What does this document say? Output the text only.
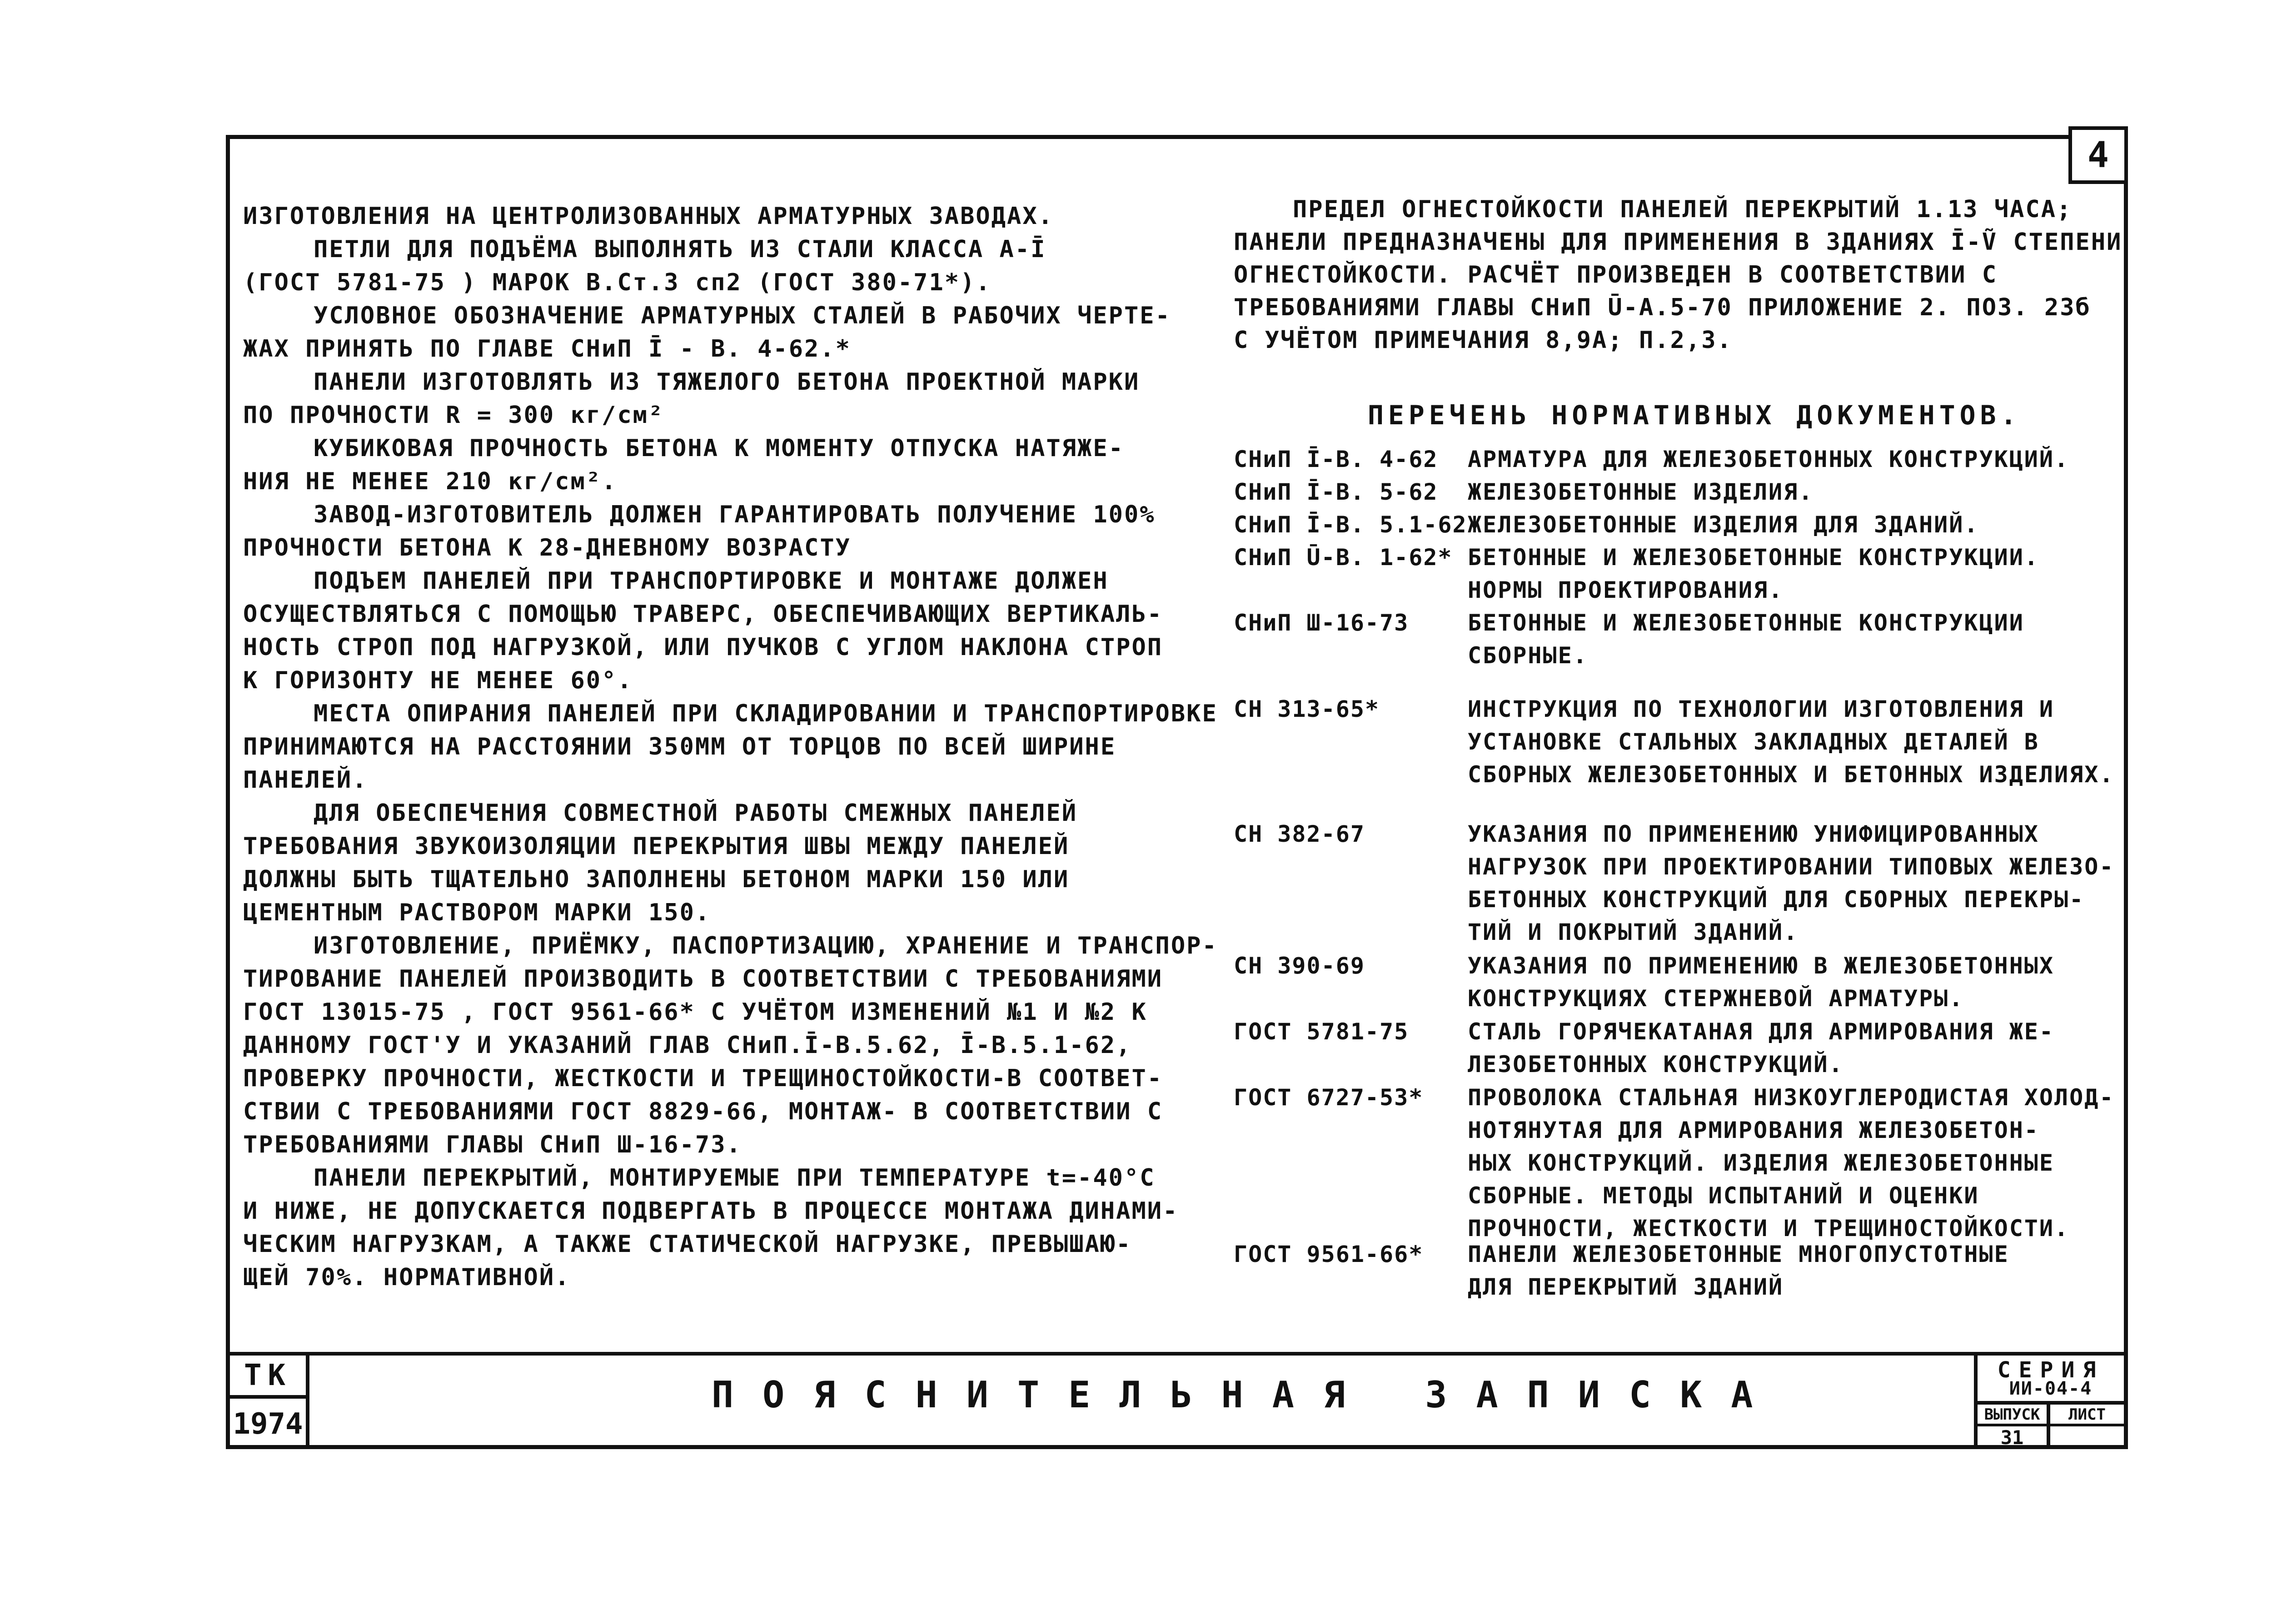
4
ИЗГОТОВЛЕНИЯ НА ЦЕНТРОЛИЗОВАННЫХ АРМАТУРНЫХ ЗАВОДАХ.
ПЕТЛИ ДЛЯ ПОДЪЁМА ВЫПОЛНЯТЬ ИЗ СТАЛИ КЛАССА А-Ī
(ГОСТ 5781-75 ) МАРОК В.Ст.3 сп2 (ГОСТ 380-71*).
УСЛОВНОЕ ОБОЗНАЧЕНИЕ АРМАТУРНЫХ СТАЛЕЙ В РАБОЧИХ ЧЕРТЕ-
ЖАХ ПРИНЯТЬ ПО ГЛАВЕ СНиП Ī - В. 4-62.*
ПАНЕЛИ ИЗГОТОВЛЯТЬ ИЗ ТЯЖЕЛОГО БЕТОНА ПРОЕКТНОЙ МАРКИ
ПО ПРОЧНОСТИ R = 300 кг/см²
КУБИКОВАЯ ПРОЧНОСТЬ БЕТОНА К МОМЕНТУ ОТПУСКА НАТЯЖЕ-
НИЯ НЕ МЕНЕЕ 210 кг/см².
ЗАВОД-ИЗГОТОВИТЕЛЬ ДОЛЖЕН ГАРАНТИРОВАТЬ ПОЛУЧЕНИЕ 100%
ПРОЧНОСТИ БЕТОНА К 28-ДНЕВНОМУ ВОЗРАСТУ
ПОДЪЕМ ПАНЕЛЕЙ ПРИ ТРАНСПОРТИРОВКЕ И МОНТАЖЕ ДОЛЖЕН
ОСУЩЕСТВЛЯТЬСЯ С ПОМОЩЬЮ ТРАВЕРС, ОБЕСПЕЧИВАЮЩИХ ВЕРТИКАЛЬ-
НОСТЬ СТРОП ПОД НАГРУЗКОЙ, ИЛИ ПУЧКОВ С УГЛОМ НАКЛОНА СТРОП
К ГОРИЗОНТУ НЕ МЕНЕЕ 60°.
МЕСТА ОПИРАНИЯ ПАНЕЛЕЙ ПРИ СКЛАДИРОВАНИИ И ТРАНСПОРТИРОВКЕ
ПРИНИМАЮТСЯ НА РАССТОЯНИИ 350ММ ОТ ТОРЦОВ ПО ВСЕЙ ШИРИНЕ
ПАНЕЛЕЙ.
ДЛЯ ОБЕСПЕЧЕНИЯ СОВМЕСТНОЙ РАБОТЫ СМЕЖНЫХ ПАНЕЛЕЙ
ТРЕБОВАНИЯ ЗВУКОИЗОЛЯЦИИ ПЕРЕКРЫТИЯ ШВЫ МЕЖДУ ПАНЕЛЕЙ
ДОЛЖНЫ БЫТЬ ТЩАТЕЛЬНО ЗАПОЛНЕНЫ БЕТОНОМ МАРКИ 150 ИЛИ
ЦЕМЕНТНЫМ РАСТВОРОМ МАРКИ 150.
ИЗГОТОВЛЕНИЕ, ПРИЁМКУ, ПАСПОРТИЗАЦИЮ, ХРАНЕНИЕ И ТРАНСПОР-
ТИРОВАНИЕ ПАНЕЛЕЙ ПРОИЗВОДИТЬ В СООТВЕТСТВИИ С ТРЕБОВАНИЯМИ
ГОСТ 13015-75 , ГОСТ 9561-66* С УЧЁТОМ ИЗМЕНЕНИЙ №1 И №2 К
ДАННОМУ ГОСТ'У И УКАЗАНИЙ ГЛАВ СНиП.Ī-В.5.62, Ī-В.5.1-62,
ПРОВЕРКУ ПРОЧНОСТИ, ЖЕСТКОСТИ И ТРЕЩИНОСТОЙКОСТИ-В СООТВЕТ-
СТВИИ С ТРЕБОВАНИЯМИ ГОСТ 8829-66, МОНТАЖ- В СООТВЕТСТВИИ С
ТРЕБОВАНИЯМИ ГЛАВЫ СНиП Ш-16-73.
ПАНЕЛИ ПЕРЕКРЫТИЙ, МОНТИРУЕМЫЕ ПРИ ТЕМПЕРАТУРЕ t=-40°С
И НИЖЕ, НЕ ДОПУСКАЕТСЯ ПОДВЕРГАТЬ В ПРОЦЕССЕ МОНТАЖА ДИНАМИ-
ЧЕСКИМ НАГРУЗКАМ, А ТАКЖЕ СТАТИЧЕСКОЙ НАГРУЗКЕ, ПРЕВЫШАЮ-
ЩЕЙ 70%. НОРМАТИВНОЙ.
ПРЕДЕЛ ОГНЕСТОЙКОСТИ ПАНЕЛЕЙ ПЕРЕКРЫТИЙ 1.13 ЧАСА;
ПАНЕЛИ ПРЕДНАЗНАЧЕНЫ ДЛЯ ПРИМЕНЕНИЯ В ЗДАНИЯХ Ī-Ṽ СТЕПЕНИ
ОГНЕСТОЙКОСТИ. РАСЧЁТ ПРОИЗВЕДЕН В СООТВЕТСТВИИ С
ТРЕБОВАНИЯМИ ГЛАВЫ СНиП Ū-А.5-70 ПРИЛОЖЕНИЕ 2. ПОЗ. 23б
С УЧЁТОМ ПРИМЕЧАНИЯ 8,9А; П.2,3.
ПЕРЕЧЕНЬ НОРМАТИВНЫХ ДОКУМЕНТОВ.
СНиП Ī-В. 4-62	АРМАТУРА ДЛЯ ЖЕЛЕЗОБЕТОННЫХ КОНСТРУКЦИЙ.
СНиП Ī-В. 5-62	ЖЕЛЕЗОБЕТОННЫЕ ИЗДЕЛИЯ.
СНиП Ī-В. 5.1-62 ЖЕЛЕЗОБЕТОННЫЕ ИЗДЕЛИЯ ДЛЯ ЗДАНИЙ.
СНиП Ū-В. 1-62* БЕТОННЫЕ И ЖЕЛЕЗОБЕТОННЫЕ КОНСТРУКЦИИ.
НОРМЫ ПРОЕКТИРОВАНИЯ.
СНиП Ш-16-73	БЕТОННЫЕ И ЖЕЛЕЗОБЕТОННЫЕ КОНСТРУКЦИИ
СБОРНЫЕ.
СН 313-65*	ИНСТРУКЦИЯ ПО ТЕХНОЛОГИИ ИЗГОТОВЛЕНИЯ И
УСТАНОВКЕ СТАЛЬНЫХ ЗАКЛАДНЫХ ДЕТАЛЕЙ В
СБОРНЫХ ЖЕЛЕЗОБЕТОННЫХ И БЕТОННЫХ ИЗДЕЛИЯХ.
СН 382-67	УКАЗАНИЯ ПО ПРИМЕНЕНИЮ УНИФИЦИРОВАННЫХ
НАГРУЗОК ПРИ ПРОЕКТИРОВАНИИ ТИПОВЫХ ЖЕЛЕЗО-
БЕТОННЫХ КОНСТРУКЦИЙ ДЛЯ СБОРНЫХ ПЕРЕКРЫ-
ТИЙ И ПОКРЫТИЙ ЗДАНИЙ.
СН 390-69	УКАЗАНИЯ ПО ПРИМЕНЕНИЮ В ЖЕЛЕЗОБЕТОННЫХ
КОНСТРУКЦИЯХ СТЕРЖНЕВОЙ АРМАТУРЫ.
ГОСТ 5781-75	СТАЛЬ ГОРЯЧЕКАТАНАЯ ДЛЯ АРМИРОВАНИЯ ЖЕ-
ЛЕЗОБЕТОННЫХ КОНСТРУКЦИЙ.
ГОСТ 6727-53*	ПРОВОЛОКА СТАЛЬНАЯ НИЗКОУГЛЕРОДИСТАЯ ХОЛОД-
НОТЯНУТАЯ ДЛЯ АРМИРОВАНИЯ ЖЕЛЕЗОБЕТОН-
НЫХ КОНСТРУКЦИЙ. ИЗДЕЛИЯ ЖЕЛЕЗОБЕТОННЫЕ
СБОРНЫЕ. МЕТОДЫ ИСПЫТАНИЙ И ОЦЕНКИ
ПРОЧНОСТИ, ЖЕСТКОСТИ И ТРЕЩИНОСТОЙКОСТИ.
ГОСТ 9561-66*	ПАНЕЛИ ЖЕЛЕЗОБЕТОННЫЕ МНОГОПУСТОТНЫЕ
ДЛЯ ПЕРЕКРЫТИЙ ЗДАНИЙ
ТК
1974
ПОЯСНИТЕЛЬНАЯ ЗАПИСКА
СЕРИЯ
ИИ-04-4
ВЫПУСК
31
ЛИСТ
